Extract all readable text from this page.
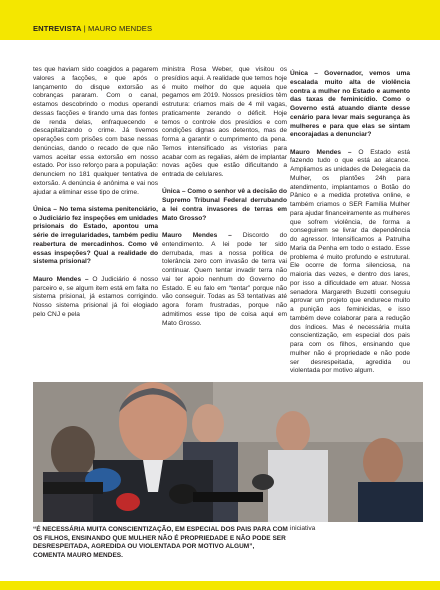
ENTREVISTA | MAURO MENDES

tes que haviam sido coagidos a pagarem valores a facções, e que após o lançamento do disque extorsão as cobranças pararam. Com o canal, estamos descobrindo o modus operandi dessas facções e tirando uma das fontes de renda delas, enfraquecendo e descapitalizando o crime. Já tivemos operações com prisões com base nessas denúncias, dando o recado de que não vamos aceitar essa extorsão em nosso estado. Por isso reforço para a população: denunciem no 181 qualquer tentativa de extorsão. A denúncia é anônima e vai nos ajudar a eliminar esse tipo de crime.

Única – No tema sistema penitenciário, o Judiciário fez inspeções em unidades prisionais do Estado, apontou uma série de irregularidades, também pediu reabertura de mercadinhos. Como vê essas inspeções? Qual a realidade do sistema prisional?

Mauro Mendes – O Judiciário é nosso parceiro e, se algum item está em falta no sistema prisional, já estamos corrigindo. Nosso sistema prisional já foi elogiado pelo CNJ e pela

ministra Rosa Weber, que visitou os presídios aqui. A realidade que temos hoje é muito melhor do que aquela que pegamos em 2019. Nossos presídios têm estrutura: criamos mais de 4 mil vagas, praticamente zerando o déficit. Hoje temos o controle dos presídios e com condições dignas aos detentos, mas de forma a garantir o cumprimento da pena. Temos intensificado as vistorias para acabar com as regalias, além de implantar novas ações que estão dificultando a entrada de celulares.

Única – Como o senhor vê a decisão do Supremo Tribunal Federal derrubando a lei contra invasores de terras em Mato Grosso?

Mauro Mendes – Discordo do entendimento. A lei pode ter sido derrubada, mas a nossa política de tolerância zero com invasão de terra vai continuar. Quem tentar invadir terra não vai ter apoio nenhum do Governo do Estado. E eu falo em “tentar” porque não vão conseguir. Todas as 53 tentativas até agora foram frustradas, porque não admitimos esse tipo de coisa aqui em Mato Grosso.

Única – Governador, vemos uma escalada muito alta de violência contra a mulher no Estado e aumento das taxas de feminicídio. Como o Governo está atuando diante desse cenário para levar mais segurança às mulheres e para que elas se sintam encorajadas a denunciar?

Mauro Mendes – O Estado está fazendo tudo o que está ao alcance. Ampliamos as unidades de Delegacia da Mulher, os plantões 24h para atendimento, implantamos o Botão do Pânico e a medida protetiva online, e também criamos o SER Família Mulher para ajudar financeiramente as mulheres que sofrem violência, de forma a conseguirem se livrar da dependência do agressor. Intensificamos a Patrulha Maria da Penha em todo o estado. Esse problema é muito profundo e estrutural. Ele ocorre de forma silenciosa, na maioria das vezes, e dentro dos lares, por isso a dificuldade em atuar. Nossa senadora Margareth Buzetti conseguiu aprovar um projeto que endurece muito a punição aos feminicidas, e isso também deve colaborar para a redução dos índices. Mas é necessária muita conscientização, em especial dos pais para com os filhos, ensinando que mulher não é propriedade e não pode ser desrespeitada, agredida ou violentada por motivo algum.

iniciativa

“É NECESSÁRIA MUITA CONSCIENTIZAÇÃO, EM ESPECIAL DOS PAIS PARA COM OS FILHOS, ENSINANDO QUE MULHER NÃO É PROPRIEDADE E NÃO PODE SER DESRESPEITADA, AGREDIDA OU VIOLENTADA POR MOTIVO ALGUM”, COMENTA MAURO MENDES.
